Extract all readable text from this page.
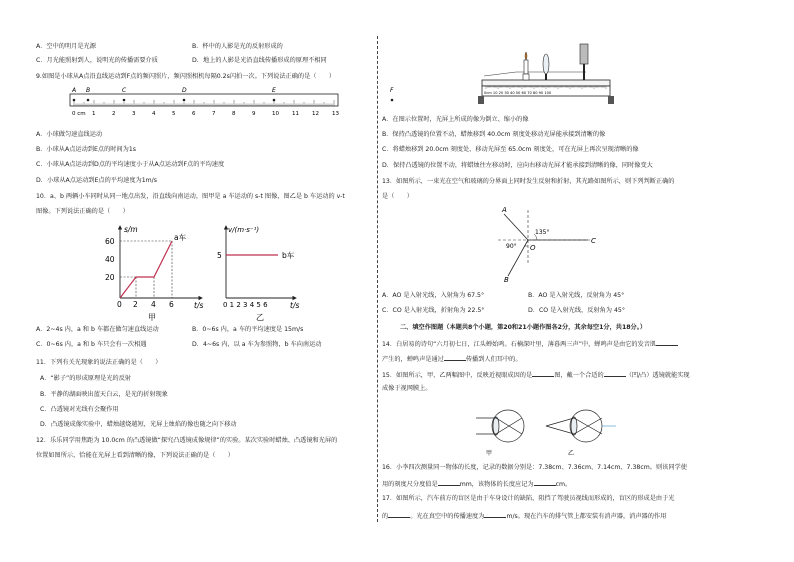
A．空中的明月是光源	B．杯中的人影是光的反射形成的
C．月光能照射到人，说明光的传播需要介质	D．地上的人影是光沿直线传播形成的原理不相同
9.如图是小球从A点沿直线运动到F点的频闪照片，频闪照相机每隔0.2s闪拍一次。下列说法正确的是（　　）
A B	C	D	E	F
0 cm 1	2	3	4	5	6	7	8	9	10 11 12 13
A．小球做匀速直线运动
B．小球从A点运动到E点的时间为1s
C．小球从A点运动到D点的平均速度小于从A点运动到F点的平均速度
D．小球从A点运动到E点的平均速度为1m/s
10．a、b 两辆小车同时从同一地点出发，沿直线向南运动，图甲是 a 车运动的 s-t 图像，图乙是 b 车运动的 v-t
图像。下列说法正确的是（　　）
s/m
t/s
60
40
20
0 2 4 6
a车
甲
v/(m·s⁻¹)
t/s
5
0 1 2 3 4 5 6
b车
乙
A．2~4s 内，a 和 b 车都在做匀速直线运动	B．0~6s 内，a 车的平均速度是 15m/s
C．0~6s 内，a 和 b 车只会有一次相遇	D．4~6s 内，以 a 车为参照物，b 车向南运动
11．下列有关光现象的说法正确的是（　　）
A．“影子”的形成原理是光的反射
B．平静的湖面映出蓝天白云，是光的折射现象
C．凸透镜对光线有会聚作用
D．凸透镜成像实验中，蜡烛越烧越短，光屏上烛焰的像也随之向下移动
12．乐乐同学用焦距为 10.0cm 的凸透镜做“探究凸透镜成像规律”的实验。某次实验时蜡烛、凸透镜和光屏的
位置如图所示，恰能在光屏上看到清晰的像，下列说法正确的是（　　）
0cm 10 20 30 40 50 60 70 80 90 100
A．在图示位置时，光屏上所成的像为倒立、缩小的像
B．保持凸透镜的位置不动，蜡烛移到 40.0cm 刻度处移动光屏能承接到清晰的像
C．将蜡烛移到 20.0cm 刻度处，移动光屏至 65.0cm 刻度处，可在光屏上再次呈现清晰的像
D．保持凸透镜的位置不动，将蜡烛往左移动时，应向右移动光屏才能承接到清晰的像，同时像变大
13．如图所示，一束光在空气和玻璃的分界面上同时发生反射和折射，其光路如图所示，则下列判断正确的
是（　　）
A
B
C
O
135°
90°
A．AO 是入射光线，入射角为 67.5°	B．AO 是入射光线，反射角为 45°
C．CO 是入射光线，折射角为 22.5°	D．CO 是入射光线，反射角为 45°
二、填空作图题（本题共8个小题，第20和21小题作图各2分，其余每空1分，共18分。）
14．白居易的诗句“六月初七日，江头蝉始鸣。石楠深叶里，薄暮两三声”中，蝉鸣声是由它的发音肌
产生的，蝉鸣声是通过	传播到人们耳中的。
15．如图所示，甲、乙两幅图中，反映近视眼成因的是	图，戴一个合适的	（凹/凸）透镜就能实现
成像于视网膜上。
甲	乙
16．小李四次测量同一物体的长度，记录的数据分别是：7.38cm、7.36cm、7.14cm、7.38cm。则该同学使
用的刻度尺分度值是	mm，该物体的长度应记为	cm。
17．如图所示，汽车前方的盲区是由于车身设计的缺陷，阻挡了驾驶员视线而形成的，盲区的形成是由于光
的	。光在真空中的传播速度为	m/s。现在汽车的排气管上都安装有消声器，消声器的作用
